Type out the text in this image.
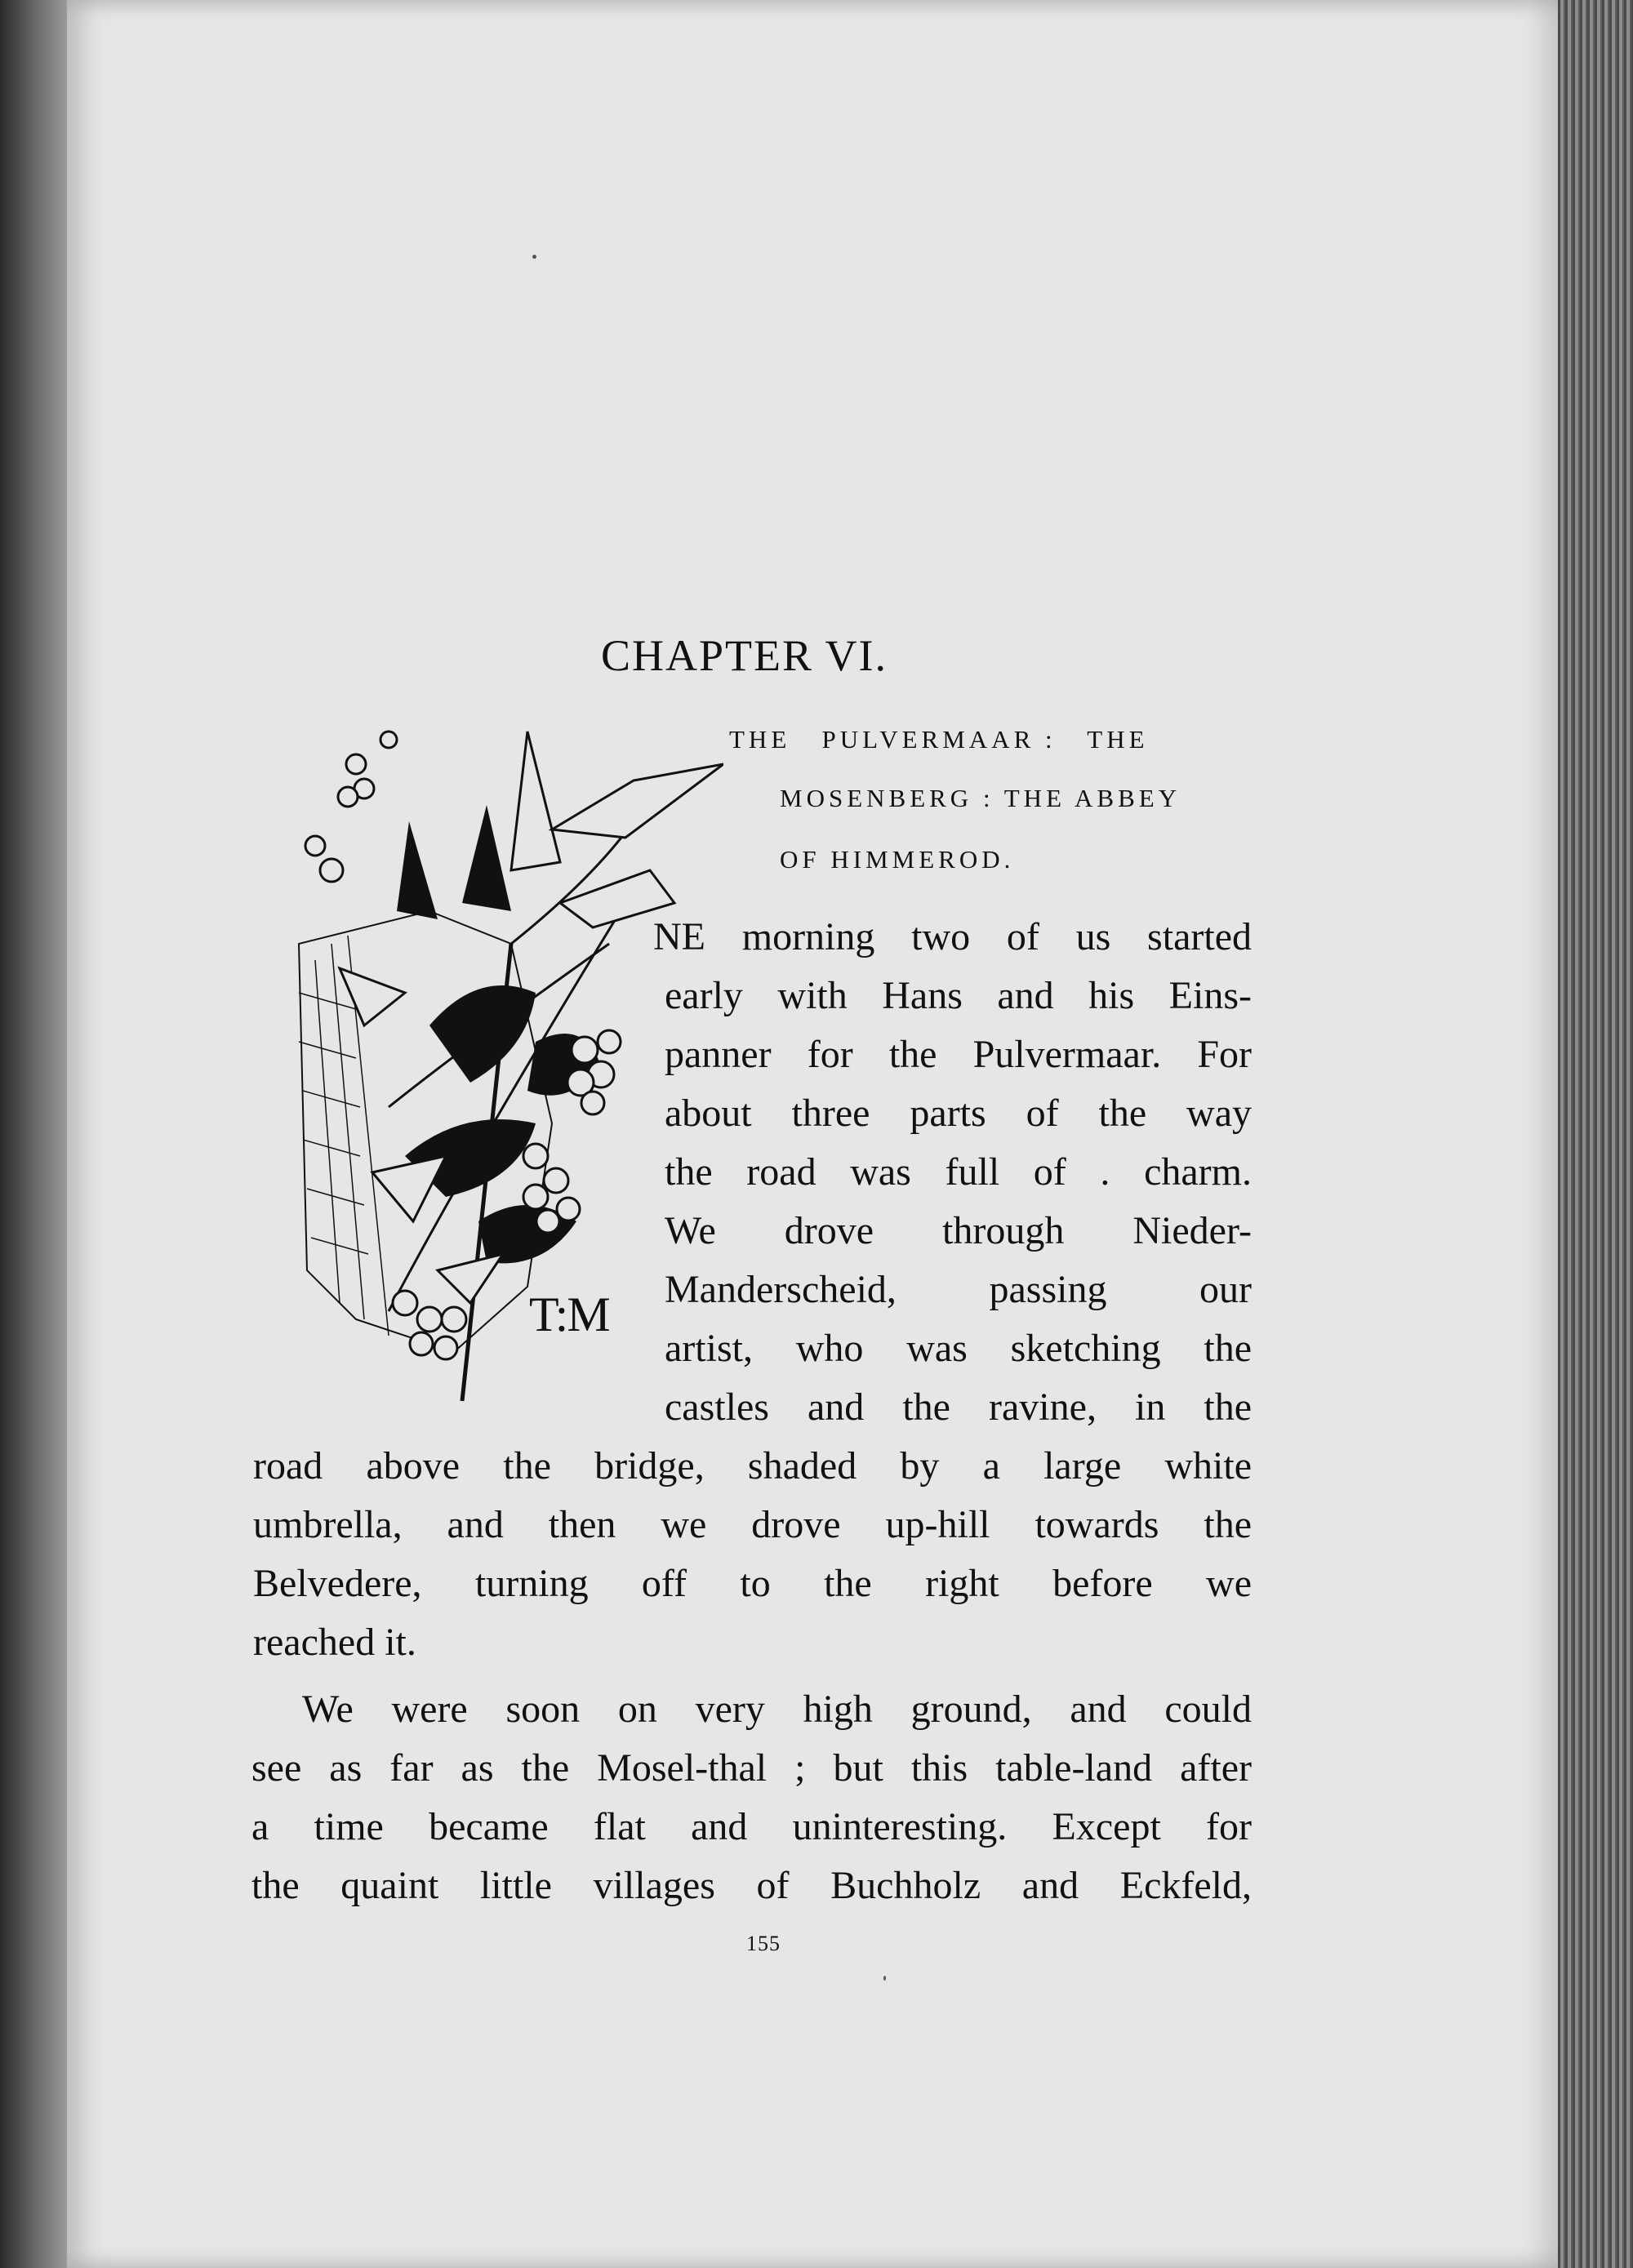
CHAPTER VI.
THE   PULVERMAAR :   THE
MOSENBERG : THE ABBEY
OF HIMMEROD.
T:M
NE morning two of us started
early with Hans and his Eins-
panner for the Pulvermaar. For
about three parts of the way
the road was full of . charm.
We drove through Nieder-
Manderscheid, passing our
artist, who was sketching the
castles and the ravine, in the
road above the bridge, shaded by a large white
umbrella, and then we drove up-hill towards the
Belvedere, turning off to the right before we
reached it.
We were soon on very high ground, and could
see as far as the Mosel-thal ; but this table-land after
a time became flat and uninteresting. Except for
the quaint little villages of Buchholz and Eckfeld,
155
